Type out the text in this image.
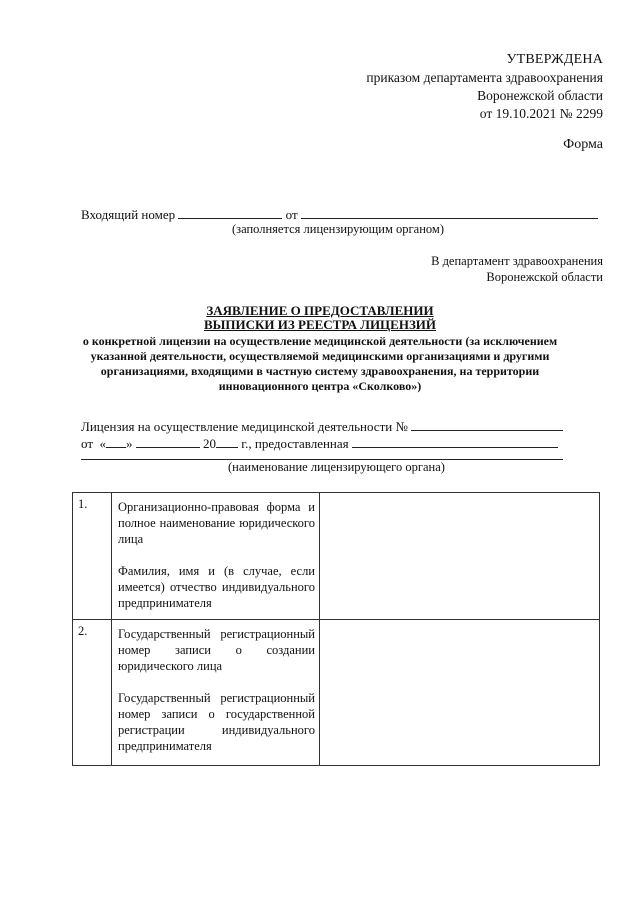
УТВЕРЖДЕНА
приказом департамента здравоохранения
Воронежской области
от 19.10.2021 № 2299
Форма
Входящий номер	от
(заполняется лицензирующим органом)
В департамент здравоохранения
Воронежской области
ЗАЯВЛЕНИЕ О ПРЕДОСТАВЛЕНИИ
ВЫПИСКИ ИЗ РЕЕСТРА ЛИЦЕНЗИЙ
о конкретной лицензии на осуществление медицинской деятельности (за исключением указанной деятельности, осуществляемой медицинскими организациями и другими организациями, входящими в частную систему здравоохранения, на территории инновационного центра «Сколково»)
Лицензия на осуществление медицинской деятельности №
от « »	20 г., предоставленная
(наименование лицензирующего органа)
1.	Организационно-правовая форма и полное наименование юридического лица

Фамилия, имя и (в случае, если имеется) отчество индивидуального предпринимателя	

2.	Государственный регистрационный номер записи о создании юридического лица

Государственный регистрационный номер записи о государственной регистрации индивидуального предпринимателя	
